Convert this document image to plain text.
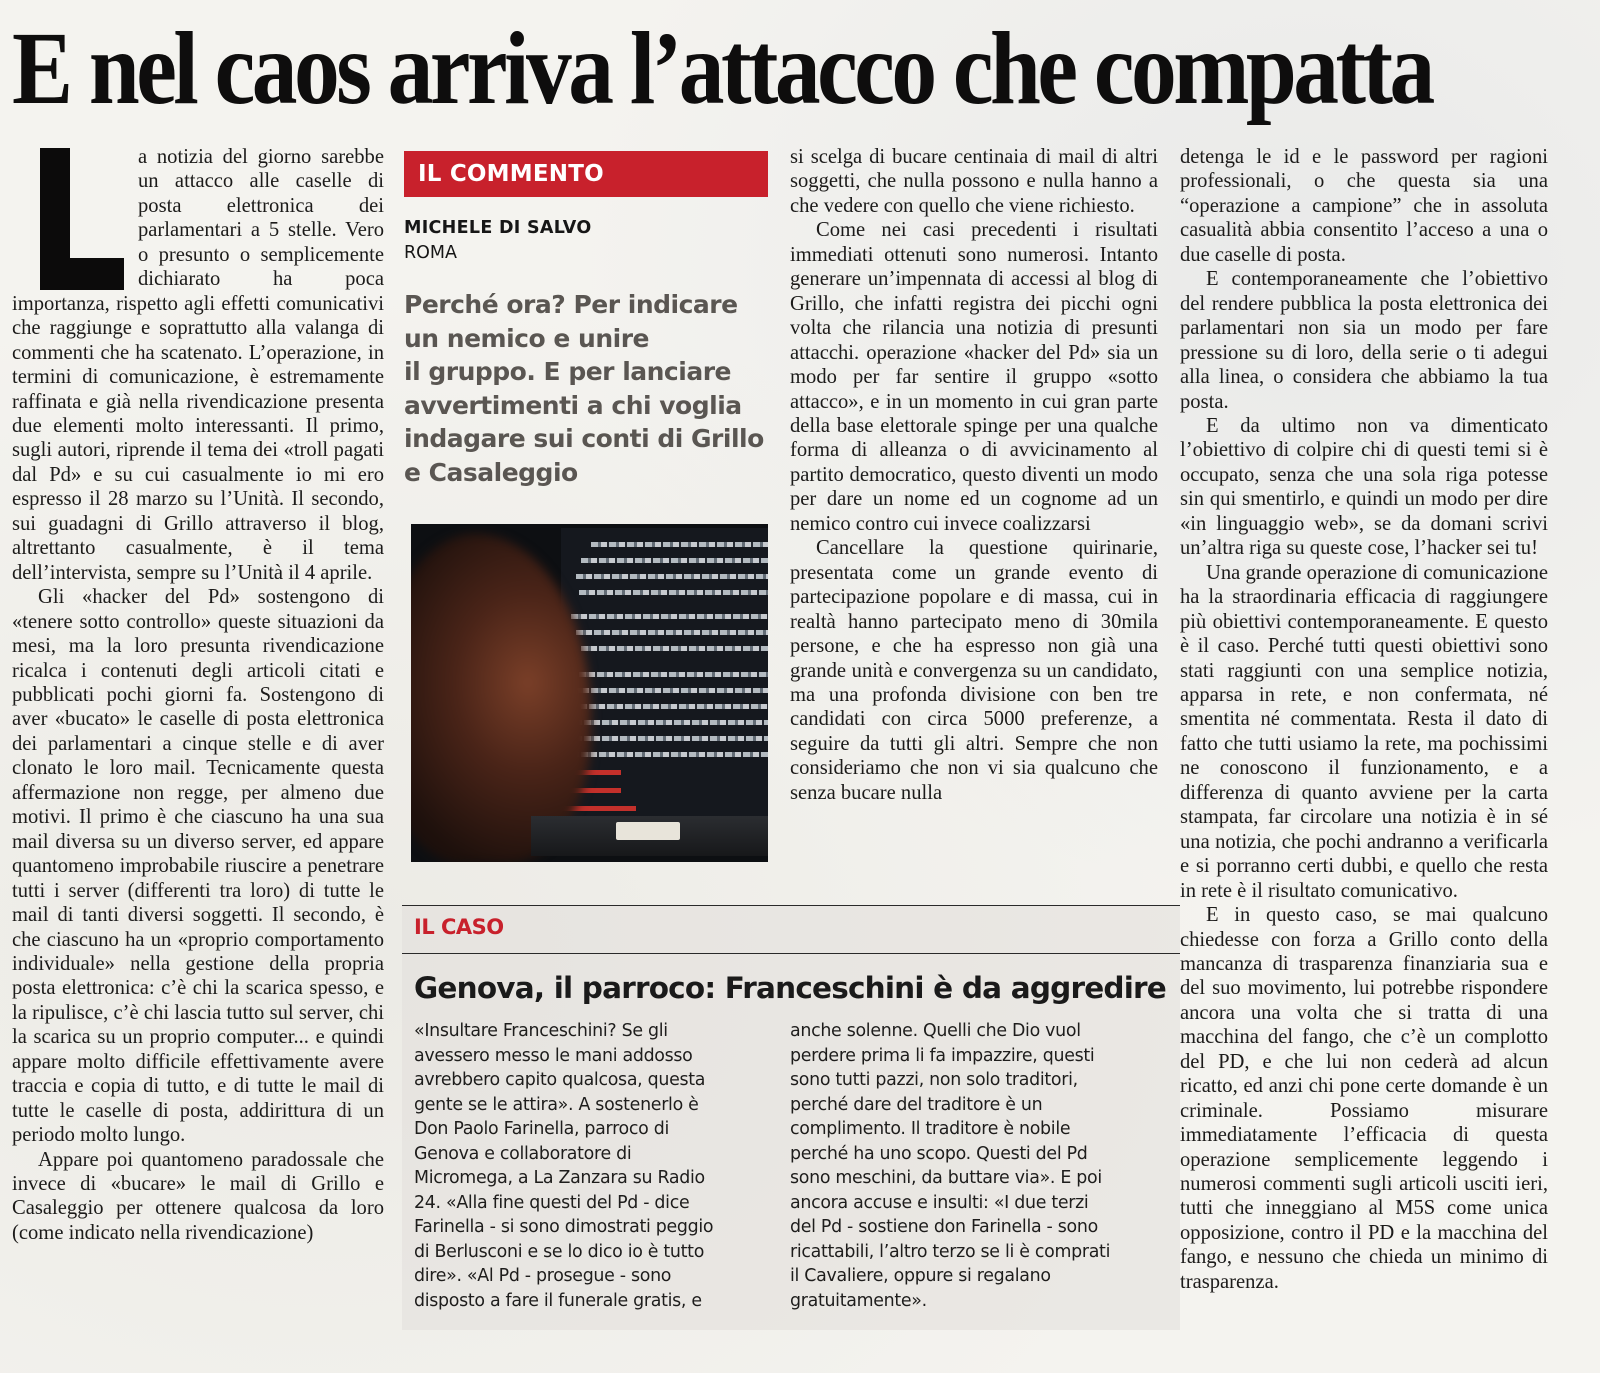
E nel caos arriva l’attacco che compatta

a notizia del giorno sarebbe un attacco alle caselle di posta elettronica dei parlamentari a 5 stelle. Vero o presunto o semplicemente dichiarato ha poca importanza, rispetto agli effetti comunicativi che raggiunge e soprattutto alla valanga di commenti che ha scatenato. L’operazione, in termini di comunicazione, è estremamente raffinata e già nella rivendicazione presenta due elementi molto interessanti. Il primo, sugli autori, riprende il tema dei «troll pagati dal Pd» e su cui casualmente io mi ero espresso il 28 marzo su l’Unità. Il secondo, sui guadagni di Grillo attraverso il blog, altrettanto casualmente, è il tema dell’intervista, sempre su l’Unità il 4 aprile.

Gli «hacker del Pd» sostengono di «tenere sotto controllo» queste situazioni da mesi, ma la loro presunta rivendicazione ricalca i contenuti degli articoli citati e pubblicati pochi giorni fa. Sostengono di aver «bucato» le caselle di posta elettronica dei parlamentari a cinque stelle e di aver clonato le loro mail. Tecnicamente questa affermazione non regge, per almeno due motivi. Il primo è che ciascuno ha una sua mail diversa su un diverso server, ed appare quantomeno improbabile riuscire a penetrare tutti i server (differenti tra loro) di tutte le mail di tanti diversi soggetti. Il secondo, è che ciascuno ha un «proprio comportamento individuale» nella gestione della propria posta elettronica: c’è chi la scarica spesso, e la ripulisce, c’è chi lascia tutto sul server, chi la scarica su un proprio computer... e quindi appare molto difficile effettivamente avere traccia e copia di tutto, e di tutte le mail di tutte le caselle di posta, addirittura di un periodo molto lungo.

Appare poi quantomeno paradossale che invece di «bucare» le mail di Grillo e Casaleggio per ottenere qualcosa da loro (come indicato nella rivendicazione)

IL COMMENTO
MICHELE DI SALVO
ROMA
Perché ora? Per indicare
un nemico e unire
il gruppo. E per lanciare
avvertimenti a chi voglia
indagare sui conti di Grillo
e Casaleggio

si scelga di bucare centinaia di mail di altri soggetti, che nulla possono e nulla hanno a che vedere con quello che viene richiesto.

Come nei casi precedenti i risultati immediati ottenuti sono numerosi. Intanto generare un’impennata di accessi al blog di Grillo, che infatti registra dei picchi ogni volta che rilancia una notizia di presunti attacchi. operazione «hacker del Pd» sia un modo per far sentire il gruppo «sotto attacco», e in un momento in cui gran parte della base elettorale spinge per una qualche forma di alleanza o di avvicinamento al partito democratico, questo diventi un modo per dare un nome ed un cognome ad un nemico contro cui invece coalizzarsi

Cancellare la questione quirinarie, presentata come un grande evento di partecipazione popolare e di massa, cui in realtà hanno partecipato meno di 30mila persone, e che ha espresso non già una grande unità e convergenza su un candidato, ma una profonda divisione con ben tre candidati con circa 5000 preferenze, a seguire da tutti gli altri. Sempre che non consideriamo che non vi sia qualcuno che senza bucare nulla

detenga le id e le password per ragioni professionali, o che questa sia una “operazione a campione” che in assoluta casualità abbia consentito l’acceso a una o due caselle di posta.

E contemporaneamente che l’obiettivo del rendere pubblica la posta elettronica dei parlamentari non sia un modo per fare pressione su di loro, della serie o ti adegui alla linea, o considera che abbiamo la tua posta.

E da ultimo non va dimenticato l’obiettivo di colpire chi di questi temi si è occupato, senza che una sola riga potesse sin qui smentirlo, e quindi un modo per dire «in linguaggio web», se da domani scrivi un’altra riga su queste cose, l’hacker sei tu!

Una grande operazione di comunicazione ha la straordinaria efficacia di raggiungere più obiettivi contemporaneamente. E questo è il caso. Perché tutti questi obiettivi sono stati raggiunti con una semplice notizia, apparsa in rete, e non confermata, né smentita né commentata. Resta il dato di fatto che tutti usiamo la rete, ma pochissimi ne conoscono il funzionamento, e a differenza di quanto avviene per la carta stampata, far circolare una notizia è in sé una notizia, che pochi andranno a verificarla e si porranno certi dubbi, e quello che resta in rete è il risultato comunicativo.

E in questo caso, se mai qualcuno chiedesse con forza a Grillo conto della mancanza di trasparenza finanziaria sua e del suo movimento, lui potrebbe rispondere ancora una volta che si tratta di una macchina del fango, che c’è un complotto del PD, e che lui non cederà ad alcun ricatto, ed anzi chi pone certe domande è un criminale. Possiamo misurare immediatamente l’efficacia di questa operazione semplicemente leggendo i numerosi commenti sugli articoli usciti ieri, tutti che inneggiano al M5S come unica opposizione, contro il PD e la macchina del fango, e nessuno che chieda un minimo di trasparenza.

IL CASO
Genova, il parroco: Franceschini è da aggredire
«Insultare Franceschini? Se gli
avessero messo le mani addosso
avrebbero capito qualcosa, questa
gente se le attira». A sostenerlo è
Don Paolo Farinella, parroco di
Genova e collaboratore di
Micromega, a La Zanzara su Radio
24. «Alla fine questi del Pd - dice
Farinella - si sono dimostrati peggio
di Berlusconi e se lo dico io è tutto
dire». «Al Pd - prosegue - sono
disposto a fare il funerale gratis, e
anche solenne. Quelli che Dio vuol
perdere prima li fa impazzire, questi
sono tutti pazzi, non solo traditori,
perché dare del traditore è un
complimento. Il traditore è nobile
perché ha uno scopo. Questi del Pd
sono meschini, da buttare via». E poi
ancora accuse e insulti: «I due terzi
del Pd - sostiene don Farinella - sono
ricattabili, l’altro terzo se li è comprati
il Cavaliere, oppure si regalano
gratuitamente».
